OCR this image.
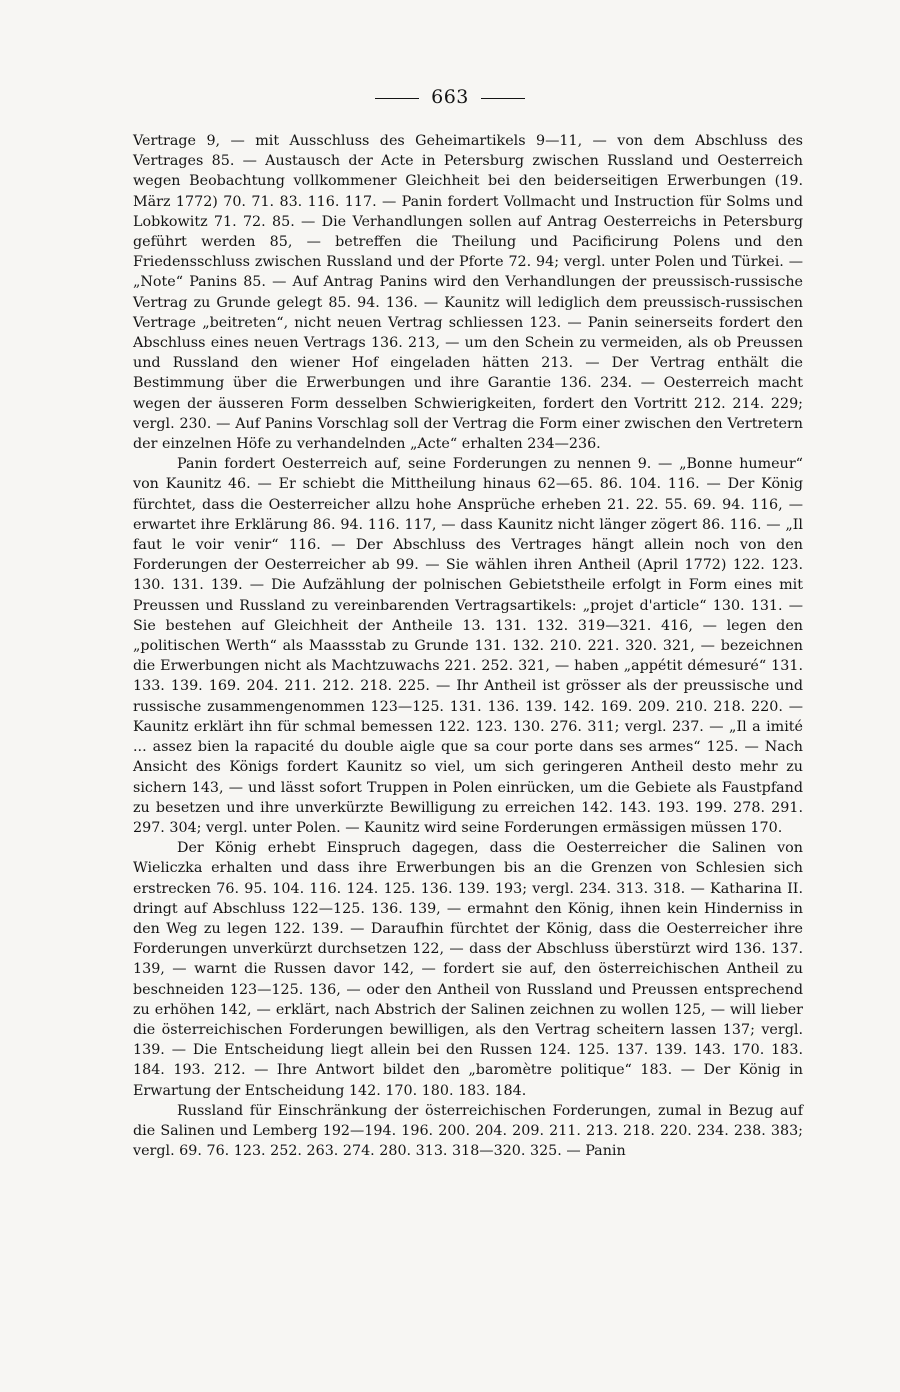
663

Vertrage 9, — mit Ausschluss des Geheimartikels 9—11, — von dem Abschluss des Vertrages 85. — Austausch der Acte in Petersburg zwischen Russland und Oesterreich wegen Beobachtung vollkommener Gleichheit bei den beiderseitigen Erwerbungen (19. März 1772) 70. 71. 83. 116. 117. — Panin fordert Vollmacht und Instruction für Solms und Lobkowitz 71. 72. 85. — Die Verhandlungen sollen auf Antrag Oesterreichs in Petersburg geführt werden 85, — betreffen die Theilung und Pacificirung Polens und den Friedensschluss zwischen Russland und der Pforte 72. 94; vergl. unter Polen und Türkei. — „Note“ Panins 85. — Auf Antrag Panins wird den Verhandlungen der preussisch-russische Vertrag zu Grunde gelegt 85. 94. 136. — Kaunitz will lediglich dem preussisch-russischen Vertrage „beitreten“, nicht neuen Vertrag schliessen 123. — Panin seinerseits fordert den Abschluss eines neuen Vertrags 136. 213, — um den Schein zu vermeiden, als ob Preussen und Russland den wiener Hof eingeladen hätten 213. — Der Vertrag enthält die Bestimmung über die Erwerbungen und ihre Garantie 136. 234. — Oesterreich macht wegen der äusseren Form desselben Schwierigkeiten, fordert den Vortritt 212. 214. 229; vergl. 230. — Auf Panins Vorschlag soll der Vertrag die Form einer zwischen den Vertretern der einzelnen Höfe zu verhandelnden „Acte“ erhalten 234—236.

Panin fordert Oesterreich auf, seine Forderungen zu nennen 9. — „Bonne humeur“ von Kaunitz 46. — Er schiebt die Mittheilung hinaus 62—65. 86. 104. 116. — Der König fürchtet, dass die Oesterreicher allzu hohe Ansprüche erheben 21. 22. 55. 69. 94. 116, — erwartet ihre Erklärung 86. 94. 116. 117, — dass Kaunitz nicht länger zögert 86. 116. — „Il faut le voir venir“ 116. — Der Abschluss des Vertrages hängt allein noch von den Forderungen der Oesterreicher ab 99. — Sie wählen ihren Antheil (April 1772) 122. 123. 130. 131. 139. — Die Aufzählung der polnischen Gebietstheile erfolgt in Form eines mit Preussen und Russland zu vereinbarenden Vertragsartikels: „projet d'article“ 130. 131. — Sie bestehen auf Gleichheit der Antheile 13. 131. 132. 319—321. 416, — legen den „politischen Werth“ als Maassstab zu Grunde 131. 132. 210. 221. 320. 321, — bezeichnen die Erwerbungen nicht als Machtzuwachs 221. 252. 321, — haben „appétit démesuré“ 131. 133. 139. 169. 204. 211. 212. 218. 225. — Ihr Antheil ist grösser als der preussische und russische zusammengenommen 123—125. 131. 136. 139. 142. 169. 209. 210. 218. 220. — Kaunitz erklärt ihn für schmal bemessen 122. 123. 130. 276. 311; vergl. 237. — „Il a imité ... assez bien la rapacité du double aigle que sa cour porte dans ses armes“ 125. — Nach Ansicht des Königs fordert Kaunitz so viel, um sich geringeren Antheil desto mehr zu sichern 143, — und lässt sofort Truppen in Polen einrücken, um die Gebiete als Faustpfand zu besetzen und ihre unverkürzte Bewilligung zu erreichen 142. 143. 193. 199. 278. 291. 297. 304; vergl. unter Polen. — Kaunitz wird seine Forderungen ermässigen müssen 170.

Der König erhebt Einspruch dagegen, dass die Oesterreicher die Salinen von Wieliczka erhalten und dass ihre Erwerbungen bis an die Grenzen von Schlesien sich erstrecken 76. 95. 104. 116. 124. 125. 136. 139. 193; vergl. 234. 313. 318. — Katharina II. dringt auf Abschluss 122—125. 136. 139, — ermahnt den König, ihnen kein Hinderniss in den Weg zu legen 122. 139. — Daraufhin fürchtet der König, dass die Oesterreicher ihre Forderungen unverkürzt durchsetzen 122, — dass der Abschluss überstürzt wird 136. 137. 139, — warnt die Russen davor 142, — fordert sie auf, den österreichischen Antheil zu beschneiden 123—125. 136, — oder den Antheil von Russland und Preussen entsprechend zu erhöhen 142, — erklärt, nach Abstrich der Salinen zeichnen zu wollen 125, — will lieber die österreichischen Forderungen bewilligen, als den Vertrag scheitern lassen 137; vergl. 139. — Die Entscheidung liegt allein bei den Russen 124. 125. 137. 139. 143. 170. 183. 184. 193. 212. — Ihre Antwort bildet den „baromètre politique“ 183. — Der König in Erwartung der Entscheidung 142. 170. 180. 183. 184.

Russland für Einschränkung der österreichischen Forderungen, zumal in Bezug auf die Salinen und Lemberg 192—194. 196. 200. 204. 209. 211. 213. 218. 220. 234. 238. 383; vergl. 69. 76. 123. 252. 263. 274. 280. 313. 318—320. 325. — Panin
